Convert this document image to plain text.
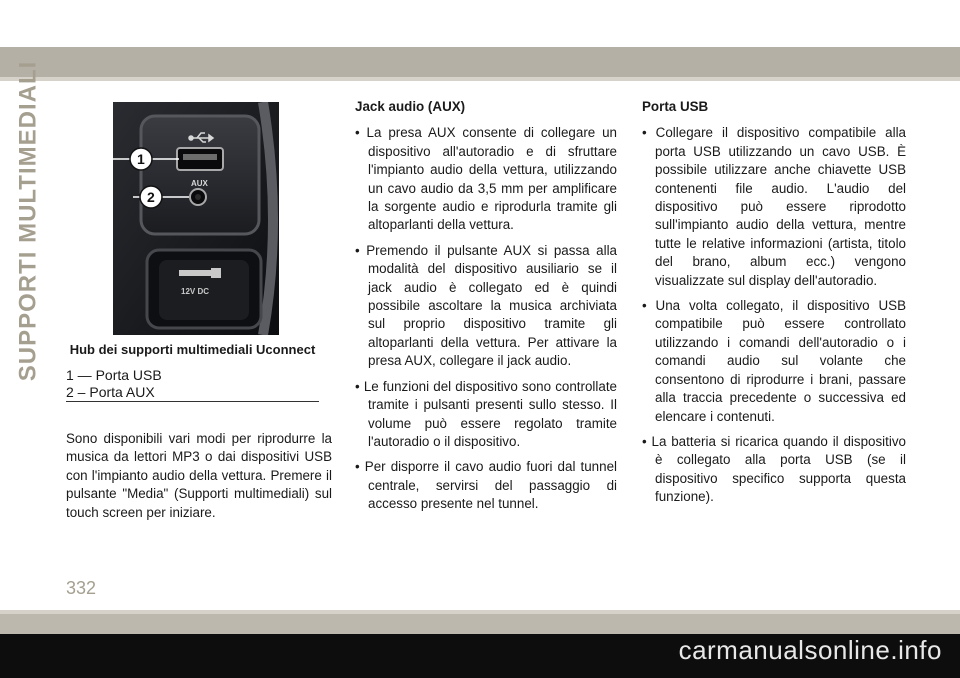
SUPPORTI MULTIMEDIALI	AUX
1
2
12V DC
Hub dei supporti multimediali Uconnect
1 — Porta USB
2 – Porta AUX

Sono disponibili vari modi per riprodurre la musica da lettori MP3 o dai dispositivi USB con l'impianto audio della vettura. Premere il pulsante "Media" (Supporti multimediali) sul touch screen per iniziare.

Jack audio (AUX)

• La presa AUX consente di collegare un dispositivo all'autoradio e di sfruttare l'impianto audio della vettura, utilizzando un cavo audio da 3,5 mm per amplificare la sorgente audio e riprodurla tramite gli altoparlanti della vettura.

• Premendo il pulsante AUX si passa alla modalità del dispositivo ausiliario se il jack audio è collegato ed è quindi possibile ascoltare la musica archiviata sul proprio dispositivo tramite gli altoparlanti della vettura. Per attivare la presa AUX, collegare il jack audio.

• Le funzioni del dispositivo sono controllate tramite i pulsanti presenti sullo stesso. Il volume può essere regolato tramite l'autoradio o il dispositivo.

• Per disporre il cavo audio fuori dal tunnel centrale, servirsi del passaggio di accesso presente nel tunnel.

Porta USB

• Collegare il dispositivo compatibile alla porta USB utilizzando un cavo USB. È possibile utilizzare anche chiavette USB contenenti file audio. L'audio del dispositivo può essere riprodotto sull'impianto audio della vettura, mentre tutte le relative informazioni (artista, titolo del brano, album ecc.) vengono visualizzate sul display dell'autoradio.

• Una volta collegato, il dispositivo USB compatibile può essere controllato utilizzando i comandi dell'autoradio o i comandi audio sul volante che consentono di riprodurre i brani, passare alla traccia precedente o successiva ed elencare i contenuti.

• La batteria si ricarica quando il dispositivo è collegato alla porta USB (se il dispositivo specifico supporta questa funzione).

332
carmanualsonline.info
